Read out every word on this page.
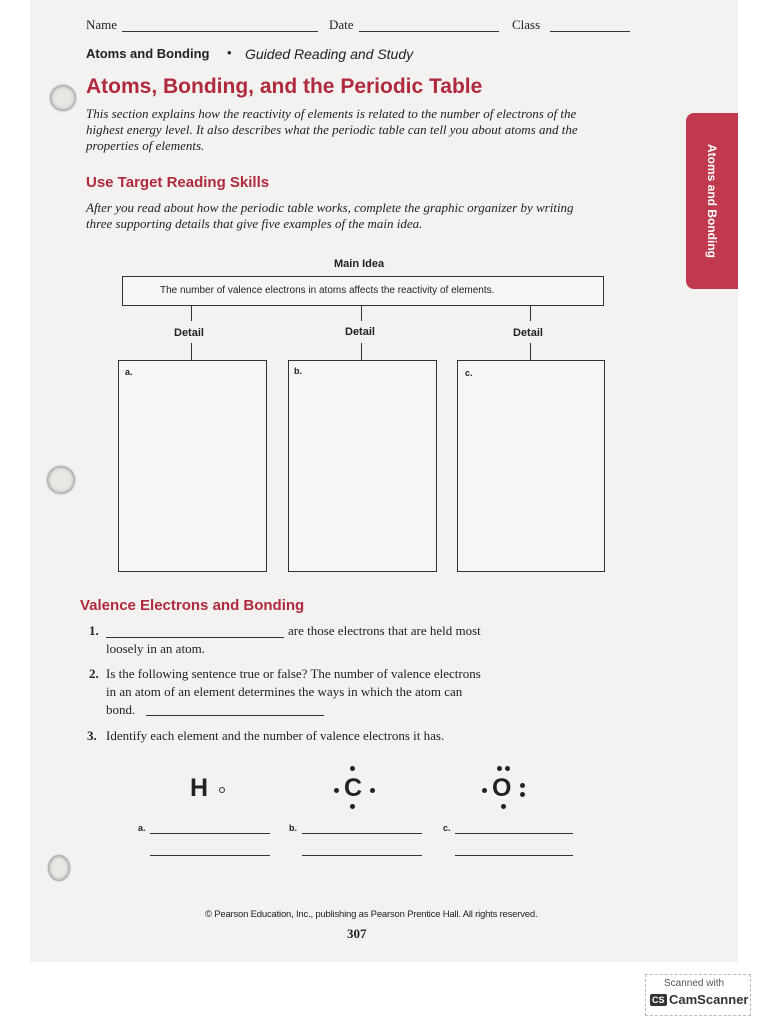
Name	Date	Class
Atoms and Bonding • Guided Reading and Study
Atoms, Bonding, and the Periodic Table
This section explains how the reactivity of elements is related to the number of electrons of the
highest energy level. It also describes what the periodic table can tell you about atoms and the
properties of elements.
Use Target Reading Skills
After you read about how the periodic table works, complete the graphic organizer by writing
three supporting details that give five examples of the main idea.	Atoms and Bonding
Main Idea
The number of valence electrons in atoms affects the reactivity of elements.
Detail	Detail	Detail
a.	b.	c.
Valence Electrons and Bonding
1.	are those electrons that are held most
loosely in an atom.
2. Is the following sentence true or false? The number of valence electrons
in an atom of an element determines the ways in which the atom can
bond.
3. Identify each element and the number of valence electrons it has.
H	C	O
a.	b.	c.
© Pearson Education, Inc., publishing as Pearson Prentice Hall. All rights reserved.
307
Scanned with
CS CamScanner
